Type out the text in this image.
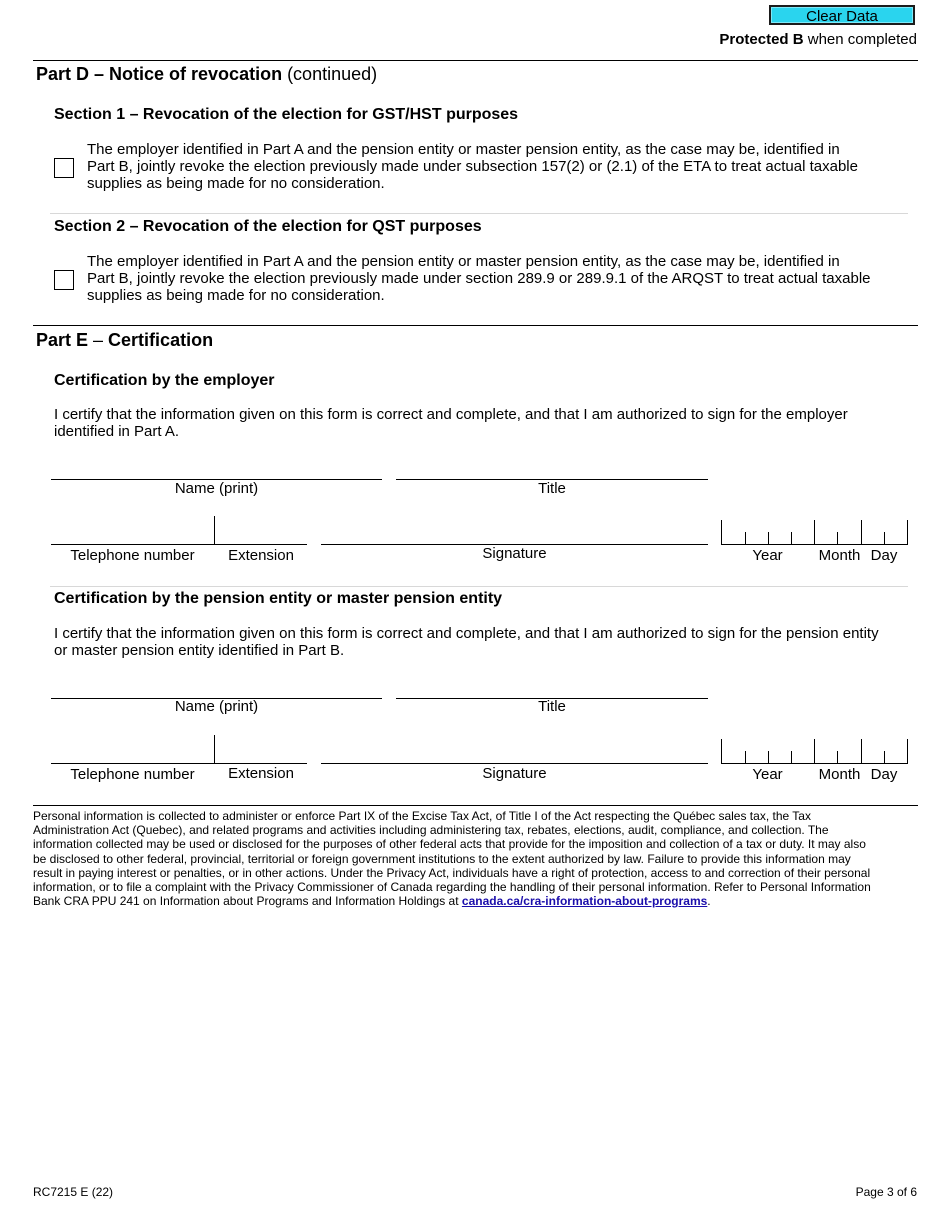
Clear Data
Protected B when completed
Part D – Notice of revocation (continued)
Section 1 – Revocation of the election for GST/HST purposes
The employer identified in Part A and the pension entity or master pension entity, as the case may be, identified in
Part B, jointly revoke the election previously made under subsection 157(2) or (2.1) of the ETA to treat actual taxable
supplies as being made for no consideration.
Section 2 – Revocation of the election for QST purposes
The employer identified in Part A and the pension entity or master pension entity, as the case may be, identified in
Part B, jointly revoke the election previously made under section 289.9 or 289.9.1 of the ARQST to treat actual taxable
supplies as being made for no consideration.
Part E – Certification
Certification by the employer
I certify that the information given on this form is correct and complete, and that I am authorized to sign for the employer
identified in Part A.
Name (print)	Title
Telephone number	Extension	Signature	Year	Month Day
Certification by the pension entity or master pension entity
I certify that the information given on this form is correct and complete, and that I am authorized to sign for the pension entity
or master pension entity identified in Part B.
Name (print)	Title
Telephone number	Extension	Signature	Year	Month Day
Personal information is collected to administer or enforce Part IX of the Excise Tax Act, of Title I of the Act respecting the Québec sales tax, the Tax
Administration Act (Quebec), and related programs and activities including administering tax, rebates, elections, audit, compliance, and collection. The
information collected may be used or disclosed for the purposes of other federal acts that provide for the imposition and collection of a tax or duty. It may also
be disclosed to other federal, provincial, territorial or foreign government institutions to the extent authorized by law. Failure to provide this information may
result in paying interest or penalties, or in other actions. Under the Privacy Act, individuals have a right of protection, access to and correction of their personal
information, or to file a complaint with the Privacy Commissioner of Canada regarding the handling of their personal information. Refer to Personal Information
Bank CRA PPU 241 on Information about Programs and Information Holdings at canada.ca/cra-information-about-programs.
RC7215 E (22)	Page 3 of 6
